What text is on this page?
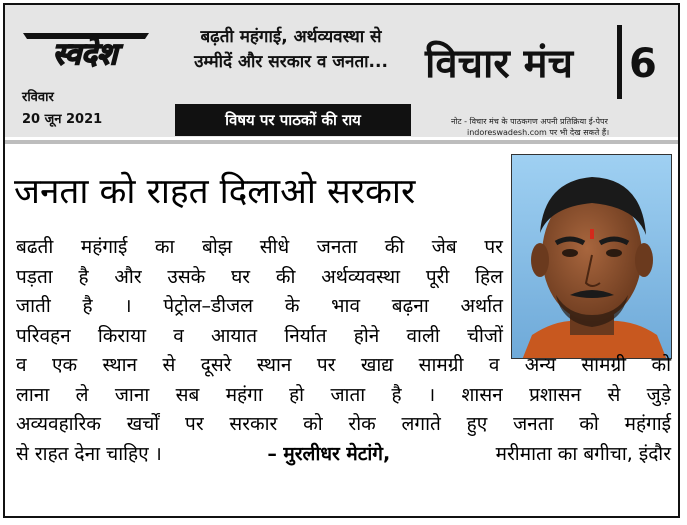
स्वदेश
रविवार
20 जून 2021
बढ़ती महंगाई, अर्थव्यवस्था से
उम्मीदें और सरकार व जनता...
विषय पर पाठकों की राय
विचार मंच 6
नोट - विचार मंच के पाठकगण अपनी प्रतिक्रिया ई-पेपर
indoreswadesh.com पर भी देख सकते हैं।
जनता को राहत दिलाओ सरकार
बढती महंगाई का बोझ सीधे जनता की जेब पर
पड़ता है और उसके घर की अर्थव्यवस्था पूरी हिल
जाती है । पेट्रोल–डीजल के भाव बढ़ना अर्थात
परिवहन किराया व आयात निर्यात होने वाली चीजों
व एक स्थान से दूसरे स्थान पर खाद्य सामग्री व अन्य सामग्री को
लाना ले जाना सब महंगा हो जाता है । शासन प्रशासन से जुड़े
अव्यवहारिक खर्चों पर सरकार को रोक लगाते हुए जनता को महंगाई
से राहत देना चाहिए ।	– मुरलीधर मेटांगे,	मरीमाता का बगीचा, इंदौर
